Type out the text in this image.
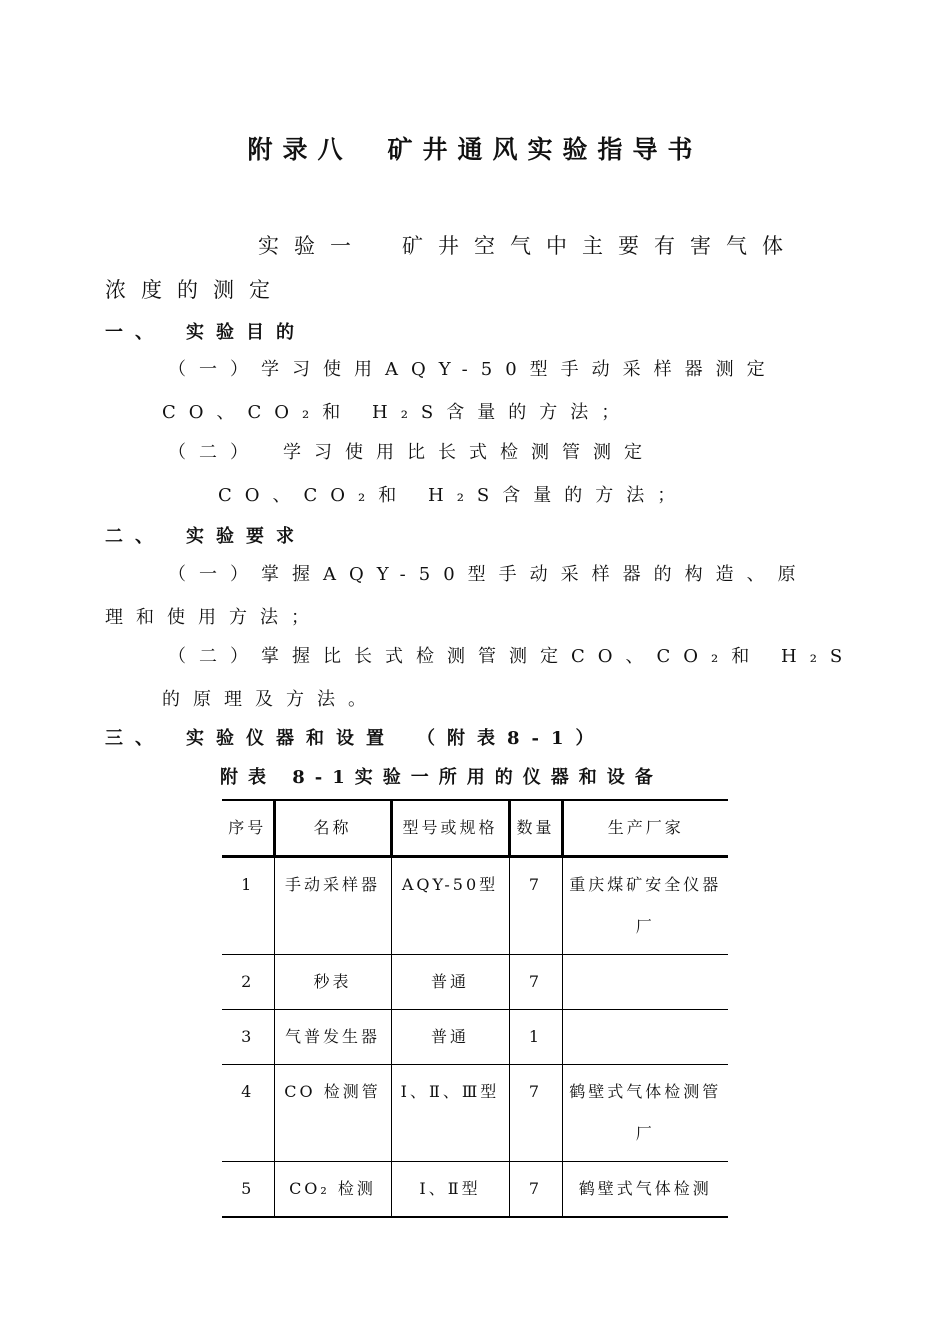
附录八　矿井通风实验指导书
实验一　矿井空气中主要有害气体
浓度的测定
一、　实验目的
（一）学习使用AQY-50型手动采样器测定
CO、CO₂和 H₂S含量的方法；
（二）　学习使用比长式检测管测定
CO、CO₂和 H₂S含量的方法；
二、　实验要求
（一）掌握AQY-50型手动采样器的构造、原
理和使用方法；
（二）掌握比长式检测管测定CO、CO₂和 H₂S
的原理及方法。
三、　实验仪器和设置　（附表8-1）
附表 8-1实验一所用的仪器和设备
序号	名称	型号或规格	数量	生产厂家
1	手动采样器	AQY-50型	7	重庆煤矿安全仪器厂
2	秒表	普通	7	
3	气普发生器	普通	1	
4	CO 检测管	Ⅰ、Ⅱ、Ⅲ型	7	鹤壁式气体检测管厂
5	CO₂ 检测	Ⅰ、Ⅱ型	7	鹤壁式气体检测
